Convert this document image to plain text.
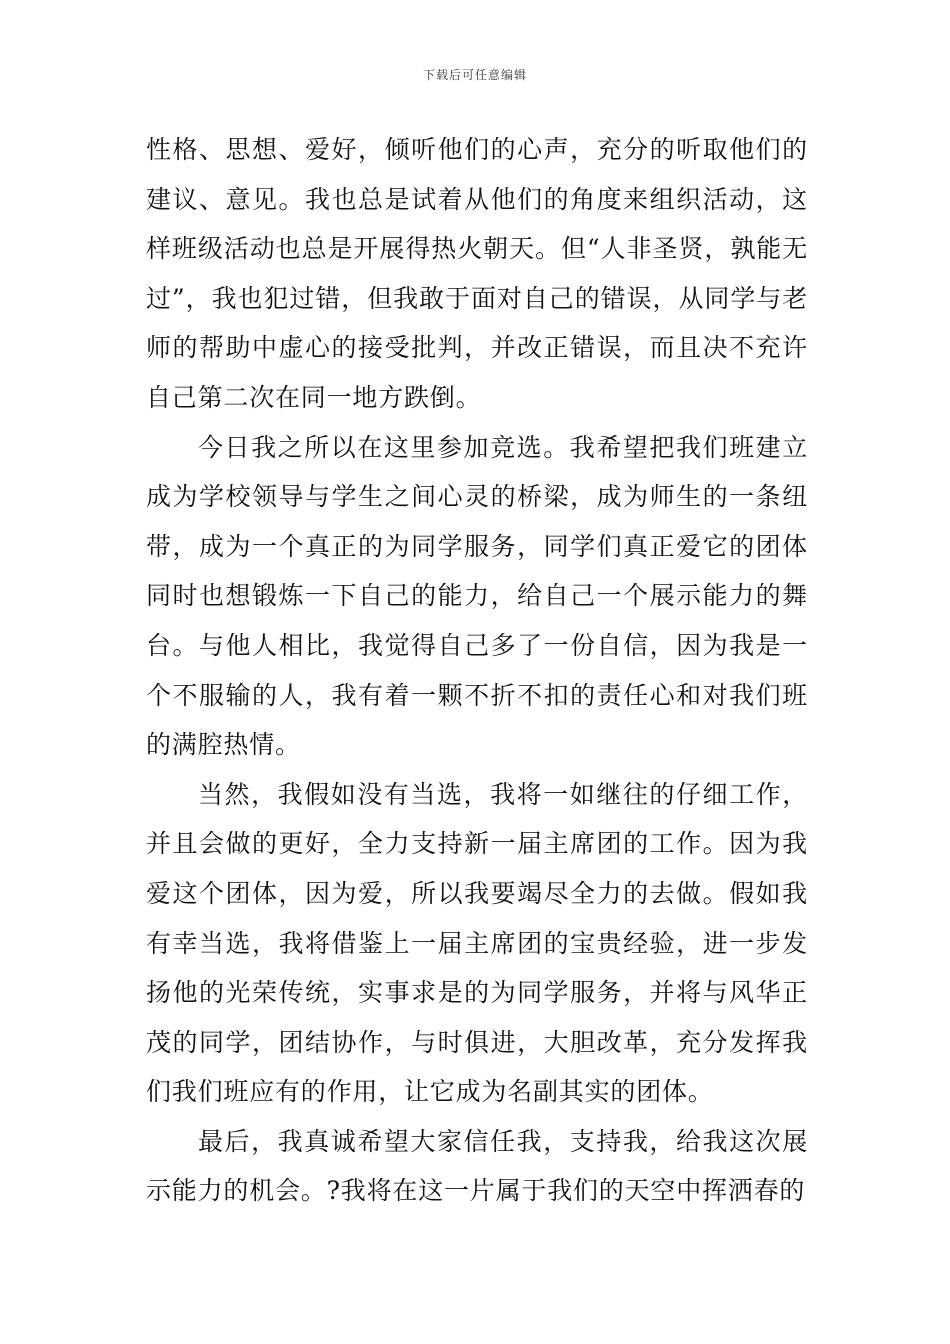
下载后可任意编辑

性格、思想、爱好，倾听他们的心声，充分的听取他们的建议、意见。我也总是试着从他们的角度来组织活动，这样班级活动也总是开展得热火朝天。但“人非圣贤，孰能无过”，我也犯过错，但我敢于面对自己的错误，从同学与老师的帮助中虚心的接受批判，并改正错误，而且决不充许自己第二次在同一地方跌倒。

今日我之所以在这里参加竞选。我希望把我们班建立成为学校领导与学生之间心灵的桥梁，成为师生的一条纽带，成为一个真正的为同学服务，同学们真正爱它的团体同时也想锻炼一下自己的能力，给自己一个展示能力的舞台。与他人相比，我觉得自己多了一份自信，因为我是一个不服输的人，我有着一颗不折不扣的责任心和对我们班的满腔热情。

当然，我假如没有当选，我将一如继往的仔细工作，并且会做的更好，全力支持新一届主席团的工作。因为我爱这个团体，因为爱，所以我要竭尽全力的去做。假如我有幸当选，我将借鉴上一届主席团的宝贵经验，进一步发扬他的光荣传统，实事求是的为同学服务，并将与风华正茂的同学，团结协作，与时俱进，大胆改革，充分发挥我们我们班应有的作用，让它成为名副其实的团体。

最后，我真诚希望大家信任我，支持我，给我这次展示能力的机会。?我将在这一片属于我们的天空中挥洒春的
